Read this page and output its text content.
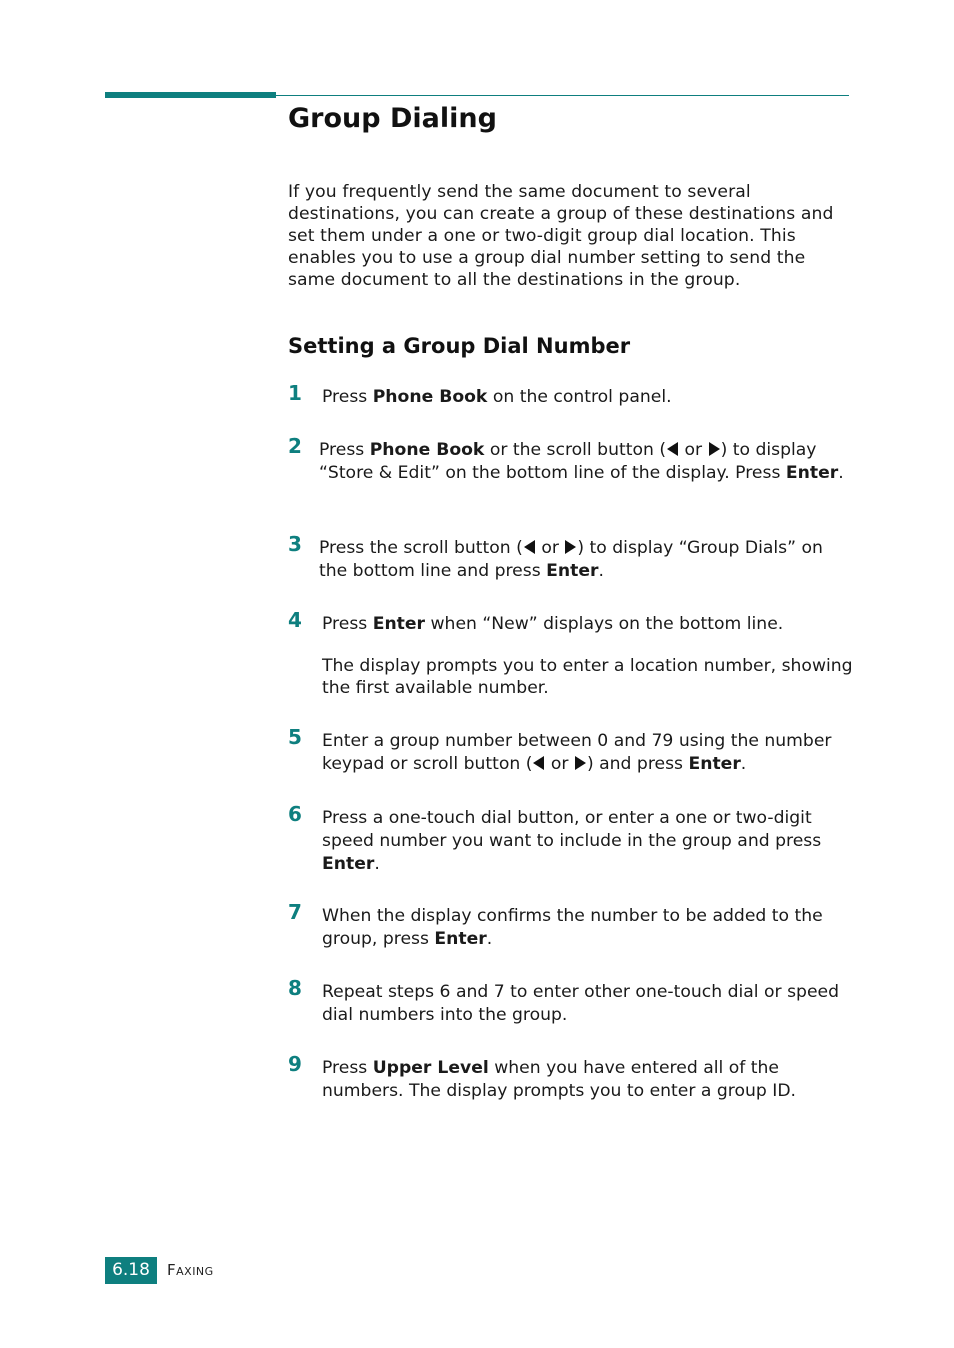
Group Dialing

If you frequently send the same document to several destinations, you can create a group of these destinations and set them under a one or two-digit group dial location. This enables you to use a group dial number setting to send the same document to all the destinations in the group.

Setting a Group Dial Number
1 Press Phone Book on the control panel.

2 Press Phone Book or the scroll button ( or ) to display “Store & Edit” on the bottom line of the display. Press Enter.

3 Press the scroll button ( or ) to display “Group Dials” on the bottom line and press Enter.

4 Press Enter when “New” displays on the bottom line.

The display prompts you to enter a location number, showing the first available number.

5 Enter a group number between 0 and 79 using the number keypad or scroll button ( or ) and press Enter.

6 Press a one-touch dial button, or enter a one or two-digit speed number you want to include in the group and press Enter.

7 When the display confirms the number to be added to the group, press Enter.

8 Repeat steps 6 and 7 to enter other one-touch dial or speed dial numbers into the group.

9 Press Upper Level when you have entered all of the numbers. The display prompts you to enter a group ID.

6.18	Faxing
